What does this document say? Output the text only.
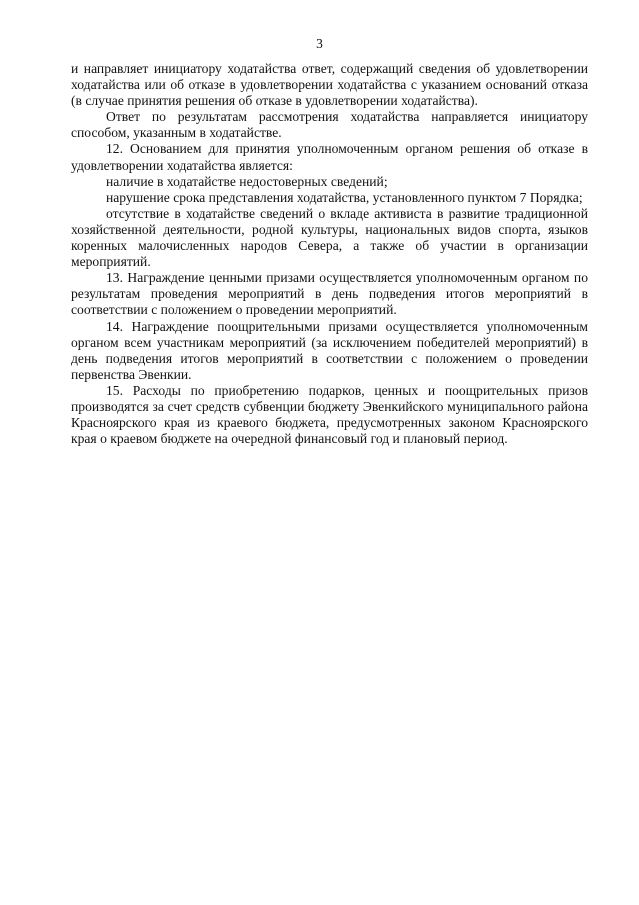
3

и направляет инициатору ходатайства ответ, содержащий сведения об удовлетворении ходатайства или об отказе в удовлетворении ходатайства с указанием оснований отказа (в случае принятия решения об отказе в удовлетворении ходатайства).

Ответ по результатам рассмотрения ходатайства направляется инициатору способом, указанным в ходатайстве.

12. Основанием для принятия уполномоченным органом решения об отказе в удовлетворении ходатайства является:

наличие в ходатайстве недостоверных сведений;

нарушение срока представления ходатайства, установленного пунктом 7 Порядка;

отсутствие в ходатайстве сведений о вкладе активиста в развитие традиционной хозяйственной деятельности, родной культуры, национальных видов спорта, языков коренных малочисленных народов Севера, а также об участии в организации мероприятий.

13. Награждение ценными призами осуществляется уполномоченным органом по результатам проведения мероприятий в день подведения итогов мероприятий в соответствии с положением о проведении мероприятий.

14. Награждение поощрительными призами осуществляется уполномоченным органом всем участникам мероприятий (за исключением победителей мероприятий) в день подведения итогов мероприятий в соответствии с положением о проведении первенства Эвенкии.

15. Расходы по приобретению подарков, ценных и поощрительных призов производятся за счет средств субвенции бюджету Эвенкийского муниципального района Красноярского края из краевого бюджета, предусмотренных законом Красноярского края о краевом бюджете на очередной финансовый год и плановый период.
